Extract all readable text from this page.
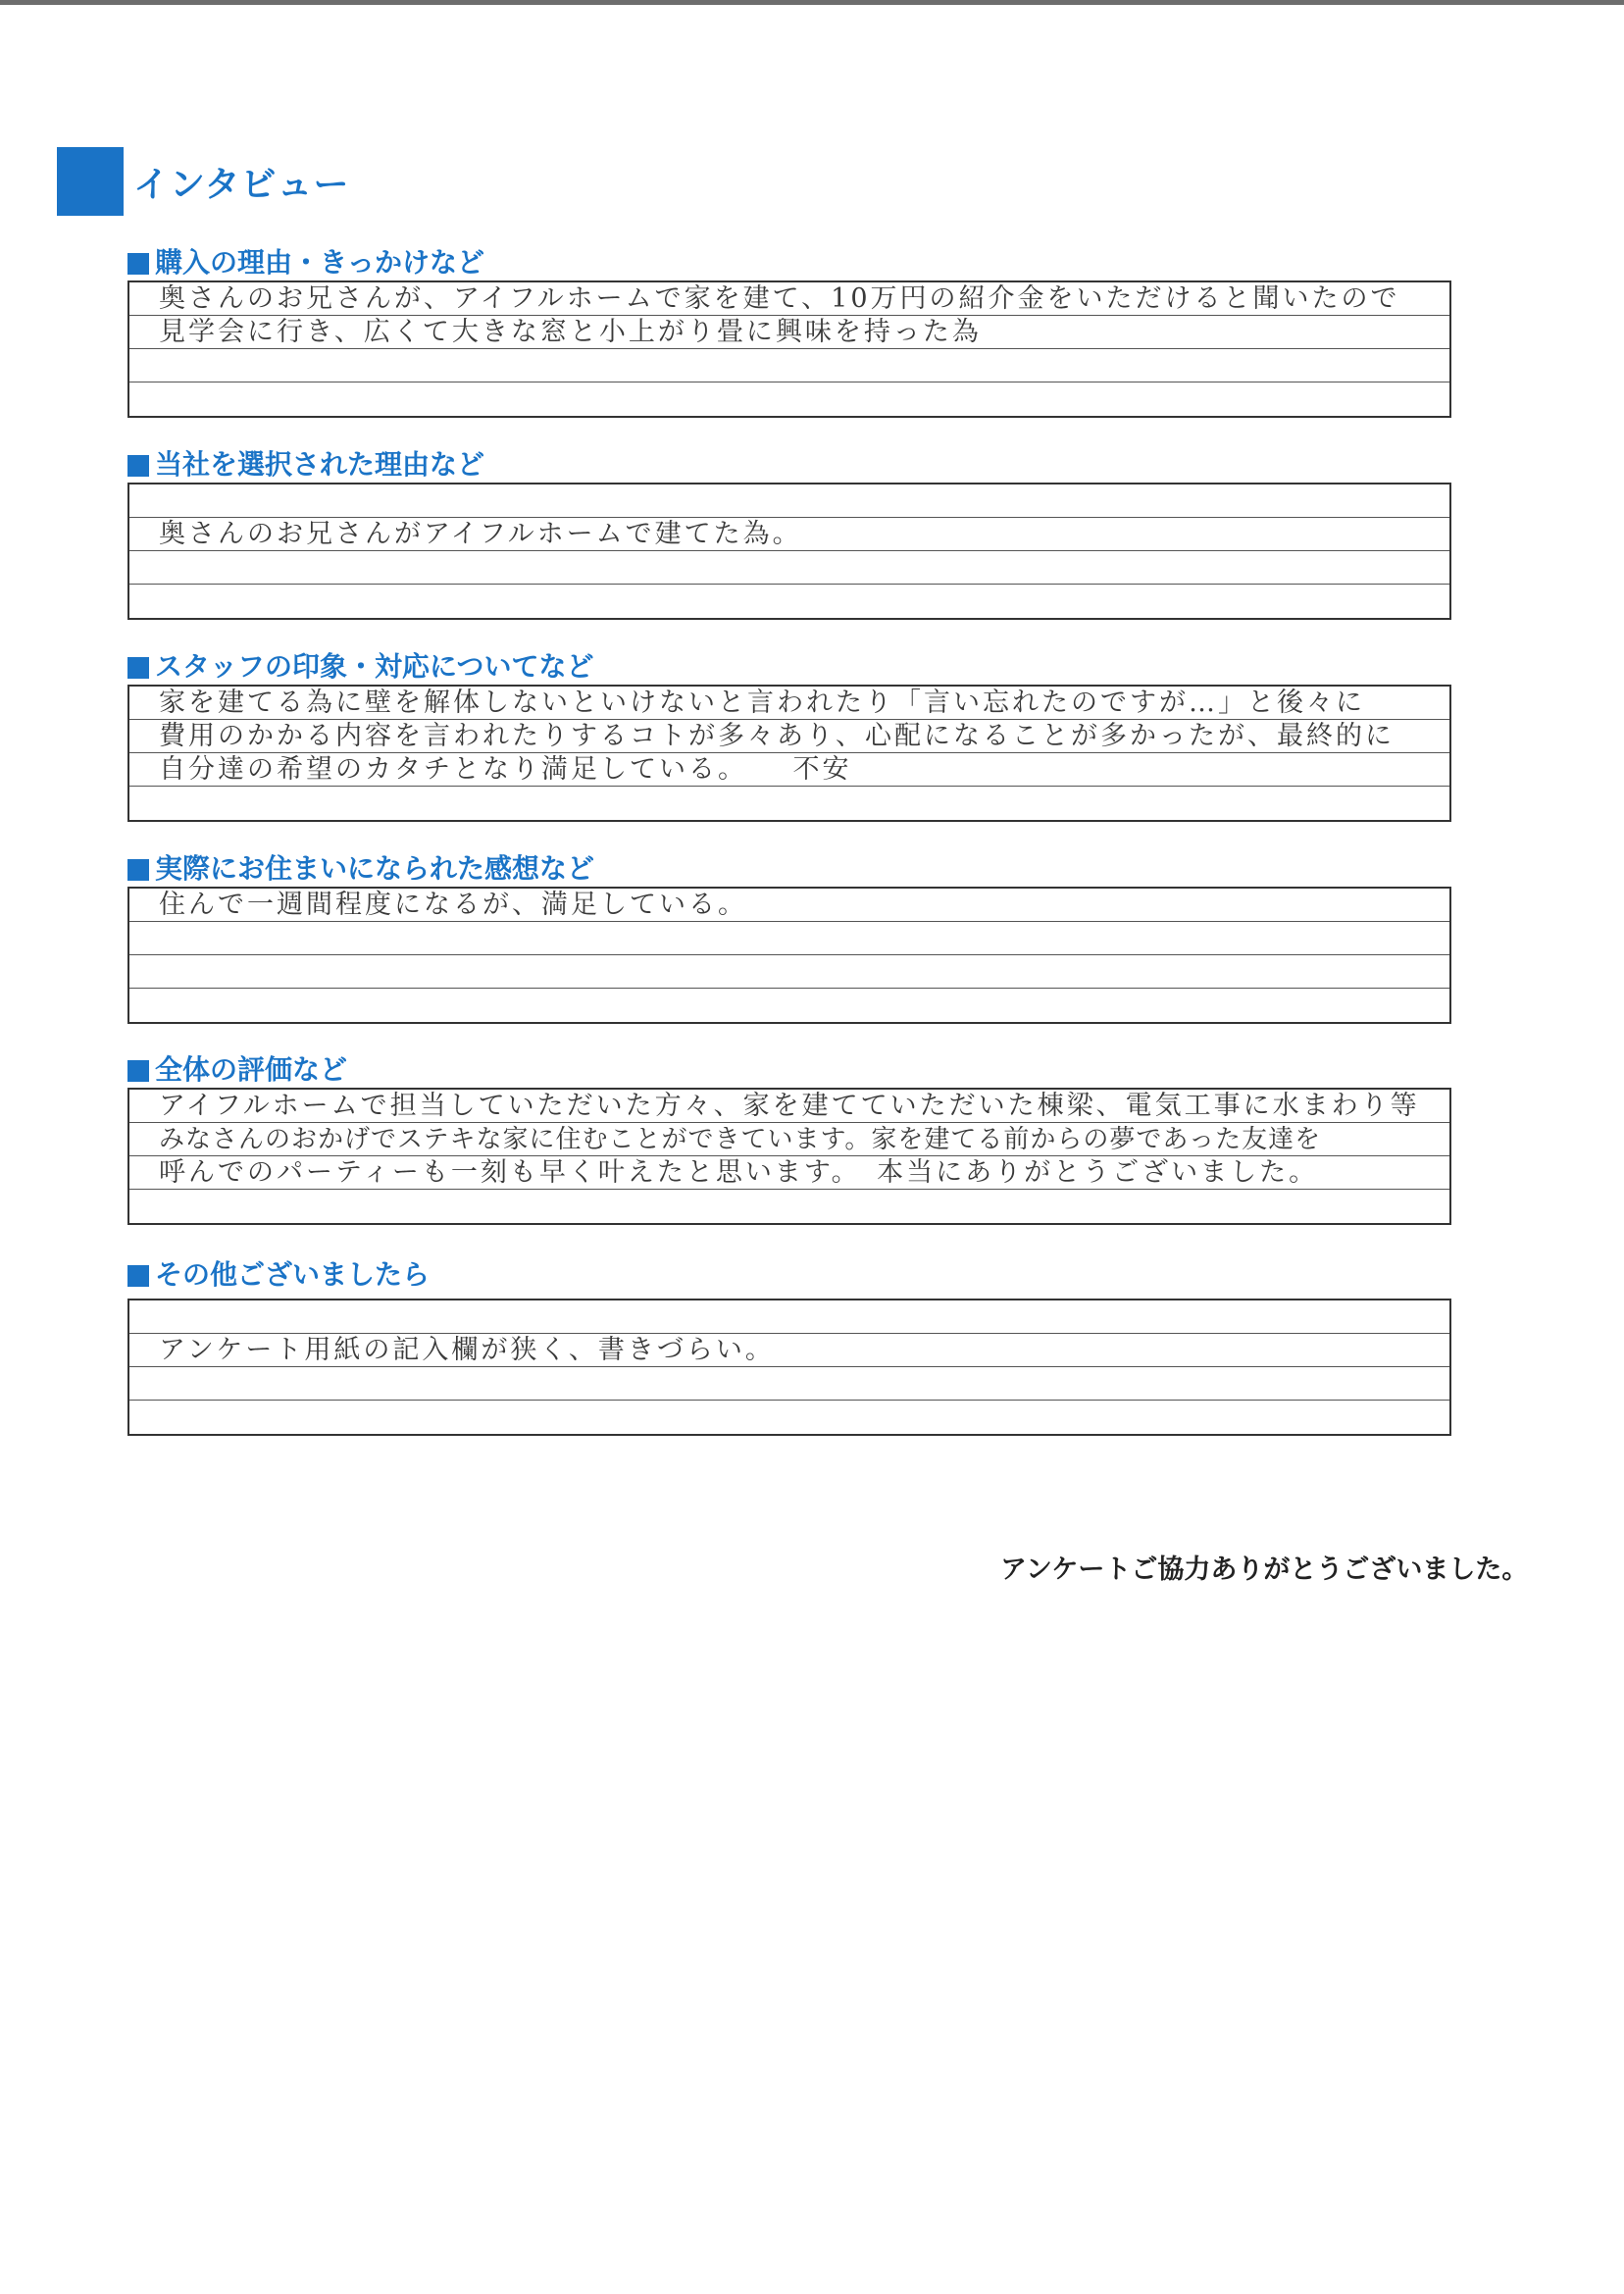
インタビュー
購入の理由・きっかけなど
奥さんのお兄さんが、アイフルホームで家を建て、10万円の紹介金をいただけると聞いたので
見学会に行き、広くて大きな窓と小上がり畳に興味を持った為
当社を選択された理由など
奥さんのお兄さんがアイフルホームで建てた為。
スタッフの印象・対応についてなど
家を建てる為に壁を解体しないといけないと言われたり「言い忘れたのですが…」と後々に
費用のかかる内容を言われたりするコトが多々あり、心配になることが多かったが、最終的に
自分達の希望のカタチとなり満足している。　　不安
実際にお住まいになられた感想など
住んで一週間程度になるが、満足している。
全体の評価など
アイフルホームで担当していただいた方々、家を建てていただいた棟梁、電気工事に水まわり等
みなさんのおかげでステキな家に住むことができています。家を建てる前からの夢であった友達を
呼んでのパーティーも一刻も早く叶えたと思います。　本当にありがとうございました。
その他ございましたら
アンケート用紙の記入欄が狭く、書きづらい。
アンケートご協力ありがとうございました。
